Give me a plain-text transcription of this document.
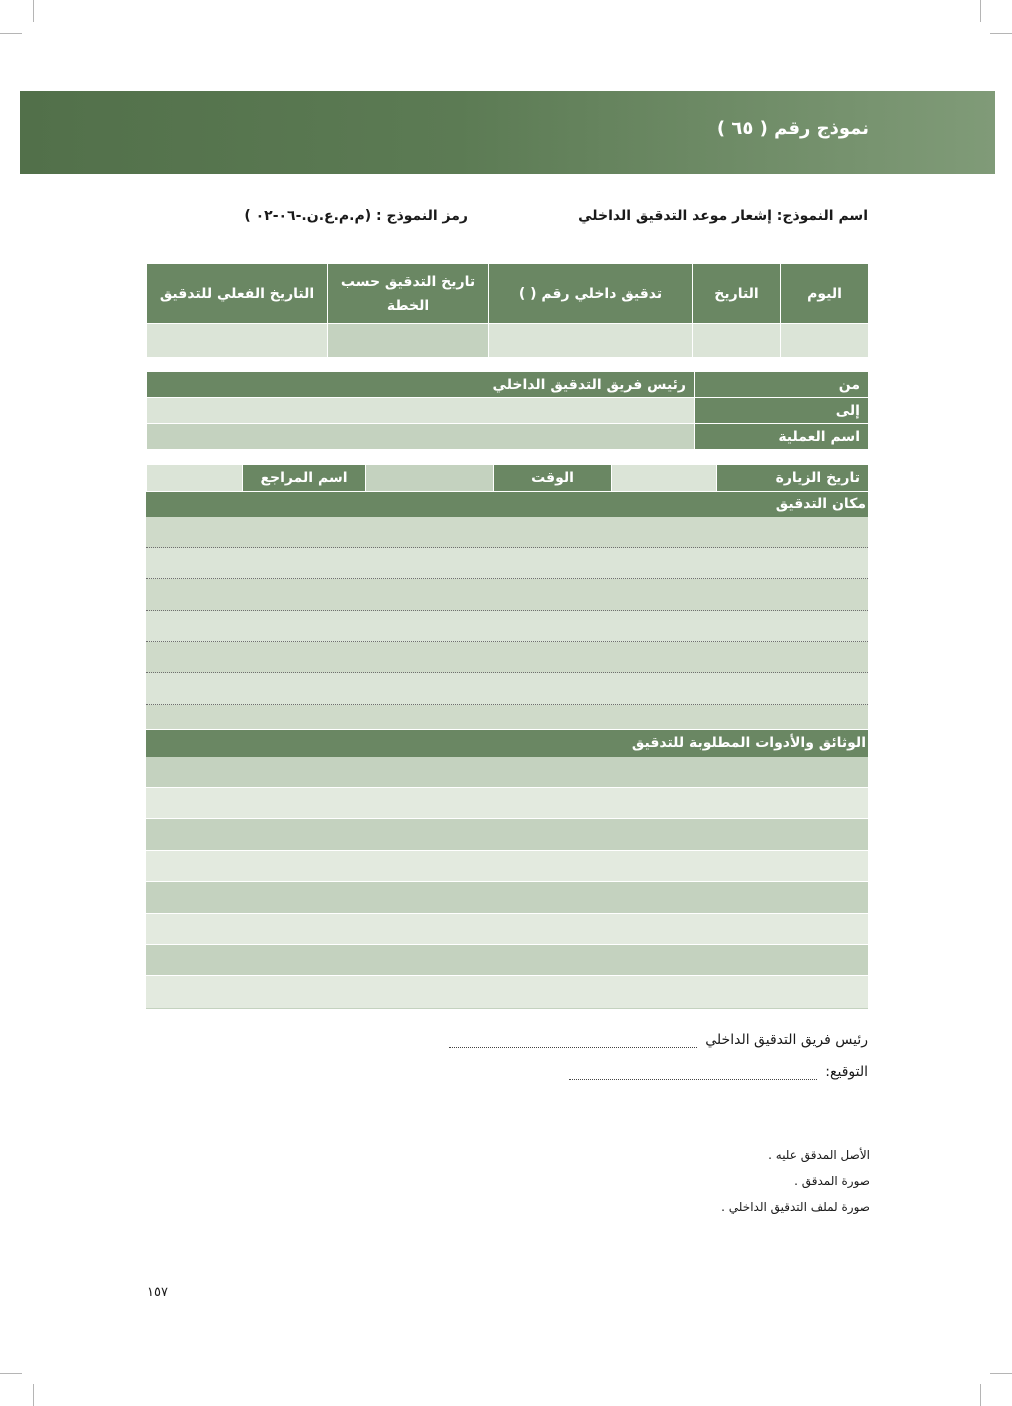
نموذج رقم ( ٦٥ )
اسم النموذج: إشعار موعد التدقيق الداخلي
رمز النموذج : (م.م.ع.ن.-٠٦-٠٢ )
اليوم	التاريخ	تدقيق داخلي رقم ( )	تاريخ التدقيق حسب الخطة	التاريخ الفعلي للتدقيق

من	رئيس فريق التدقيق الداخلي
إلى	
اسم العملية	
تاريخ الزيارة		الوقت		اسم المراجع	
مكان التدقيق
الوثائق والأدوات المطلوبة للتدقيق
رئيس فريق التدقيق الداخلي
التوقيع:
الأصل المدقق عليه .
صورة المدقق .
صورة لملف التدقيق الداخلي .
١٥٧
